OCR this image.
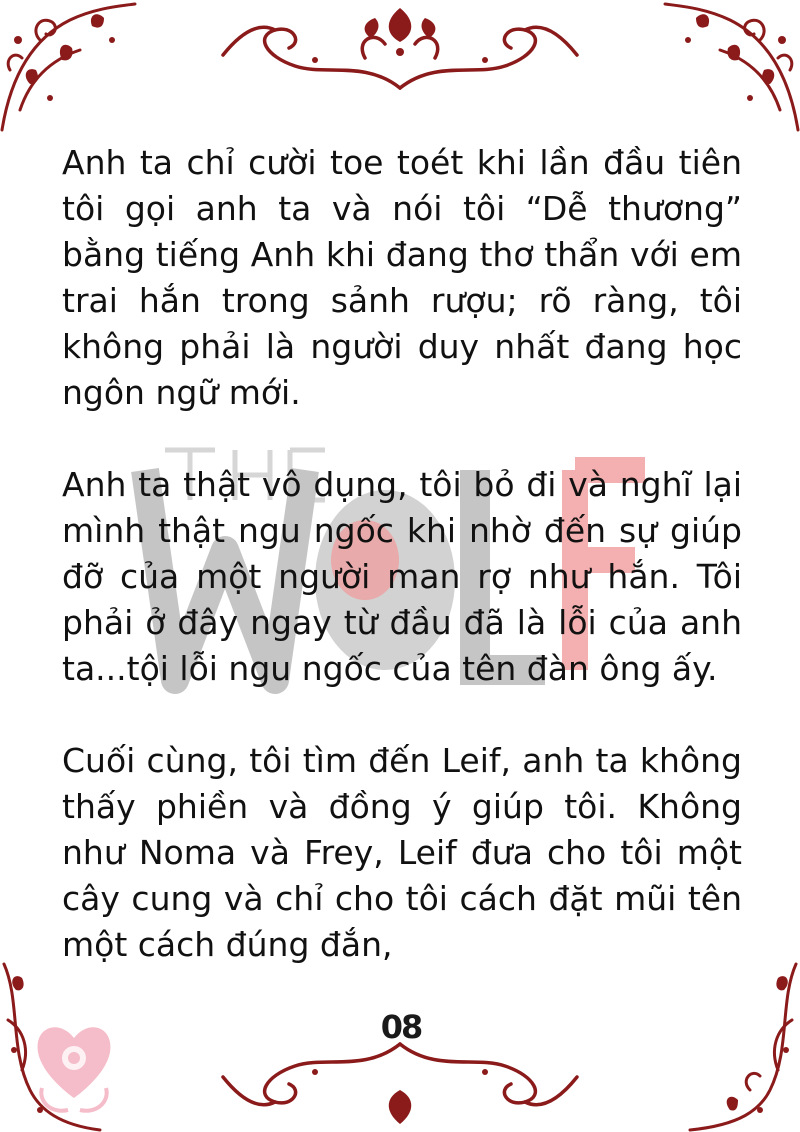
Anh ta chỉ cười toe toét khi lần đầu tiên tôi gọi anh ta và nói tôi “Dễ thương” bằng tiếng Anh khi đang thơ thẩn với em trai hắn trong sảnh rượu; rõ ràng, tôi không phải là người duy nhất đang học ngôn ngữ mới.

Anh ta thật vô dụng, tôi bỏ đi và nghĩ lại mình thật ngu ngốc khi nhờ đến sự giúp đỡ của một người man rợ như hắn. Tôi phải ở đây ngay từ đầu đã là lỗi của anh ta...tội lỗi ngu ngốc của tên đàn ông ấy.

Cuối cùng, tôi tìm đến Leif, anh ta không thấy phiền và đồng ý giúp tôi. Không như Noma và Frey, Leif đưa cho tôi một cây cung và chỉ cho tôi cách đặt mũi tên một cách đúng đắn,

08
